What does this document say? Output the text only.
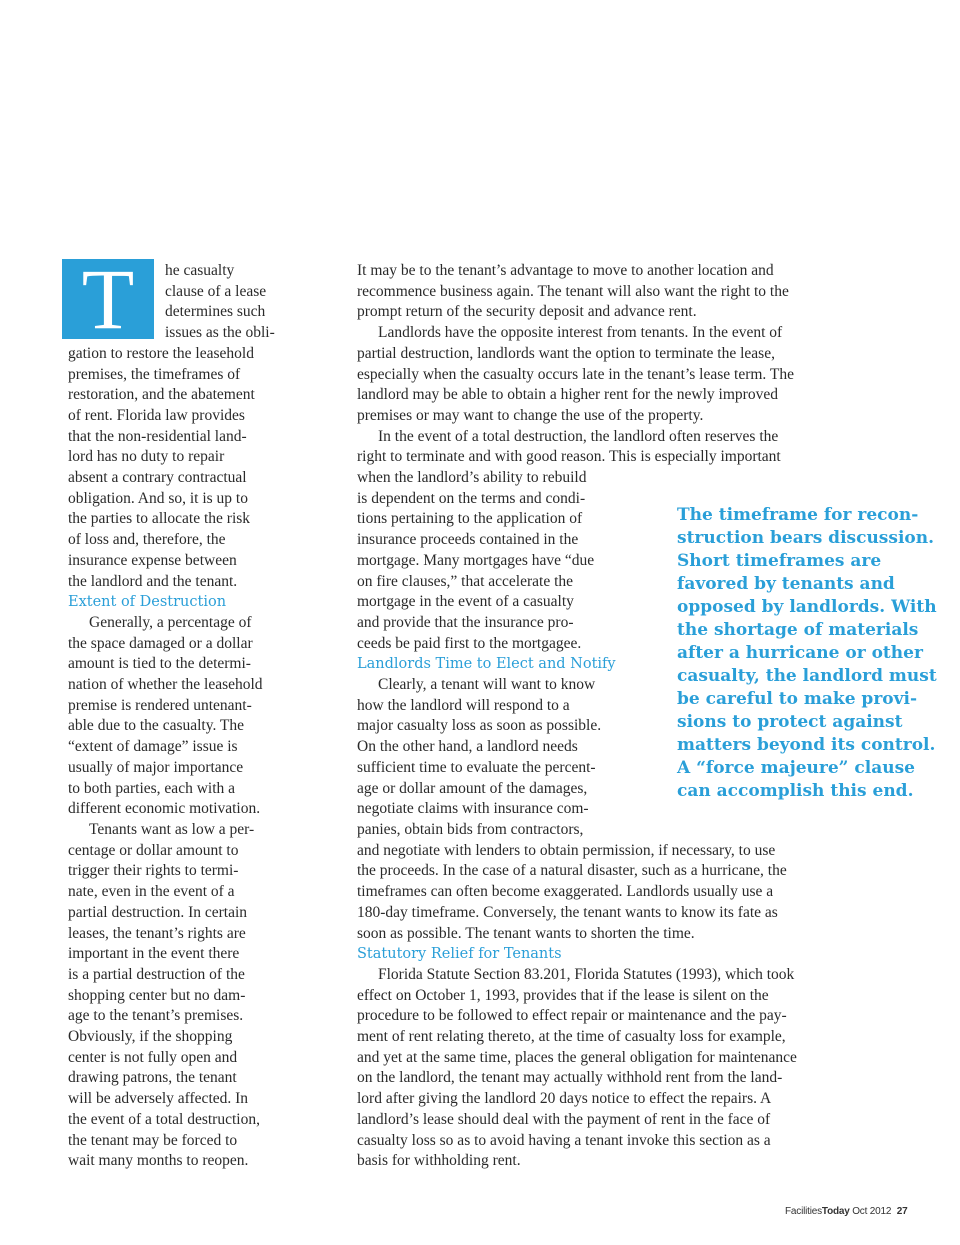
T	he casualty
clause of a lease
determines such
issues as the obli-
gation to restore the leasehold
premises, the timeframes of
restoration, and the abatement
of rent. Florida law provides
that the non-residential land-
lord has no duty to repair
absent a contrary contractual
obligation. And so, it is up to
the parties to allocate the risk
of loss and, therefore, the
insurance expense between
the landlord and the tenant.
Extent of Destruction
Generally, a percentage of
the space damaged or a dollar
amount is tied to the determi-
nation of whether the leasehold
premise is rendered untenant-
able due to the casualty. The
“extent of damage” issue is
usually of major importance
to both parties, each with a
different economic motivation.
Tenants want as low a per-
centage or dollar amount to
trigger their rights to termi-
nate, even in the event of a
partial destruction. In certain
leases, the tenant’s rights are
important in the event there
is a partial destruction of the
shopping center but no dam-
age to the tenant’s premises.
Obviously, if the shopping
center is not fully open and
drawing patrons, the tenant
will be adversely affected. In
the event of a total destruction,
the tenant may be forced to
wait many months to reopen.
It may be to the tenant’s advantage to move to another location and
recommence business again. The tenant will also want the right to the
prompt return of the security deposit and advance rent.
Landlords have the opposite interest from tenants. In the event of
partial destruction, landlords want the option to terminate the lease,
especially when the casualty occurs late in the tenant’s lease term. The
landlord may be able to obtain a higher rent for the newly improved
premises or may want to change the use of the property.
In the event of a total destruction, the landlord often reserves the
right to terminate and with good reason. This is especially important
when the landlord’s ability to rebuild
is dependent on the terms and condi-
tions pertaining to the application of
insurance proceeds contained in the
mortgage. Many mortgages have “due
on fire clauses,” that accelerate the
mortgage in the event of a casualty
and provide that the insurance pro-
ceeds be paid first to the mortgagee.
Landlords Time to Elect and Notify
Clearly, a tenant will want to know
how the landlord will respond to a
major casualty loss as soon as possible.
On the other hand, a landlord needs
sufficient time to evaluate the percent-
age or dollar amount of the damages,
negotiate claims with insurance com-
panies, obtain bids from contractors,
and negotiate with lenders to obtain permission, if necessary, to use
the proceeds. In the case of a natural disaster, such as a hurricane, the
timeframes can often become exaggerated. Landlords usually use a
180-day timeframe. Conversely, the tenant wants to know its fate as
soon as possible. The tenant wants to shorten the time.
Statutory Relief for Tenants
Florida Statute Section 83.201, Florida Statutes (1993), which took
effect on October 1, 1993, provides that if the lease is silent on the
procedure to be followed to effect repair or maintenance and the pay-
ment of rent relating thereto, at the time of casualty loss for example,
and yet at the same time, places the general obligation for maintenance
on the landlord, the tenant may actually withhold rent from the land-
lord after giving the landlord 20 days notice to effect the repairs. A
landlord’s lease should deal with the payment of rent in the face of
casualty loss so as to avoid having a tenant invoke this section as a
basis for withholding rent.
The timeframe for recon-
struction bears discussion.
Short timeframes are
favored by tenants and
opposed by landlords. With
the shortage of materials
after a hurricane or other
casualty, the landlord must
be careful to make provi-
sions to protect against
matters beyond its control.
A “force majeure” clause
can accomplish this end.
FacilitiesToday Oct 2012 27
